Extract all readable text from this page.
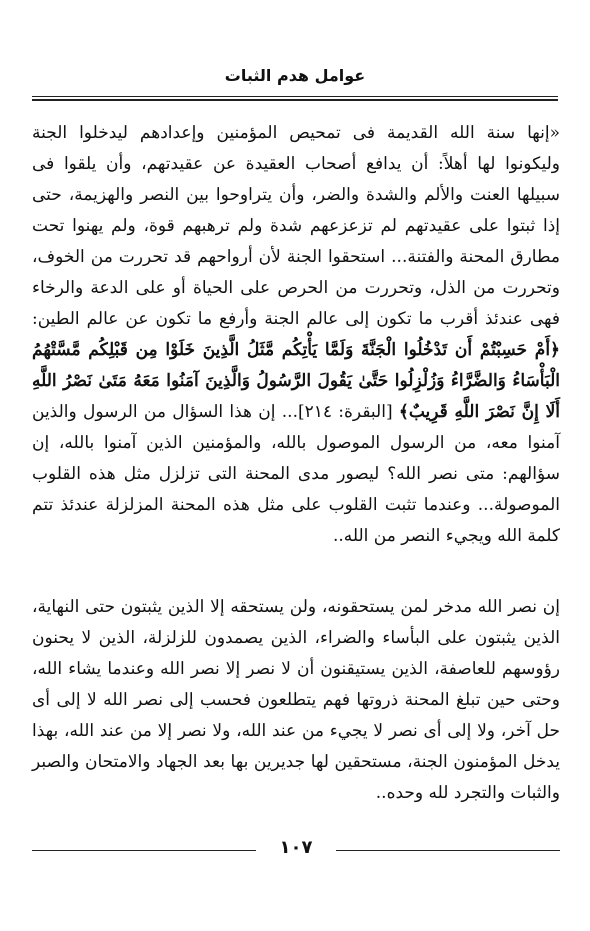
عوامل هدم الثبات
«إنها سنة الله القديمة فى تمحيص المؤمنين وإعدادهم ليدخلوا الجنة وليكونوا لها أهلاً: أن يدافع أصحاب العقيدة عن عقيدتهم، وأن يلقوا فى سبيلها العنت والألم والشدة والضر، وأن يتراوحوا بين النصر والهزيمة، حتى إذا ثبتوا على عقيدتهم لم تزعزعهم شدة ولم ترهبهم قوة، ولم يهنوا تحت مطارق المحنة والفتنة... استحقوا الجنة لأن أرواحهم قد تحررت من الخوف، وتحررت من الذل، وتحررت من الحرص على الحياة أو على الدعة والرخاء فهى عندئذ أقرب ما تكون إلى عالم الجنة وأرفع ما تكون عن عالم الطين: ﴿أَمْ حَسِبْتُمْ أَن تَدْخُلُوا الْجَنَّةَ وَلَمَّا يَأْتِكُم مَّثَلُ الَّذِينَ خَلَوْا مِن قَبْلِكُم مَّسَّتْهُمُ الْبَأْسَاءُ وَالضَّرَّاءُ وَزُلْزِلُوا حَتَّىٰ يَقُولَ الرَّسُولُ وَالَّذِينَ آمَنُوا مَعَهُ مَتَىٰ نَصْرُ اللَّهِ أَلَا إِنَّ نَصْرَ اللَّهِ قَرِيبٌ﴾ [البقرة: ٢١٤]... إن هذا السؤال من الرسول والذين آمنوا معه، من الرسول الموصول بالله، والمؤمنين الذين آمنوا بالله، إن سؤالهم: متى نصر الله؟ ليصور مدى المحنة التى تزلزل مثل هذه القلوب الموصولة... وعندما تثبت القلوب على مثل هذه المحنة المزلزلة عندئذ تتم كلمة الله ويجيء النصر من الله..
إن نصر الله مدخر لمن يستحقونه، ولن يستحقه إلا الذين يثبتون حتى النهاية، الذين يثبتون على البأساء والضراء، الذين يصمدون للزلزلة، الذين لا يحنون رؤوسهم للعاصفة، الذين يستيقنون أن لا نصر إلا نصر الله وعندما يشاء الله، وحتى حين تبلغ المحنة ذروتها فهم يتطلعون فحسب إلى نصر الله لا إلى أى حل آخر، ولا إلى أى نصر لا يجيء من عند الله، ولا نصر إلا من عند الله، بهذا يدخل المؤمنون الجنة، مستحقين لها جديرين بها بعد الجهاد والامتحان والصبر والثبات والتجرد لله وحده..
١٠٧
